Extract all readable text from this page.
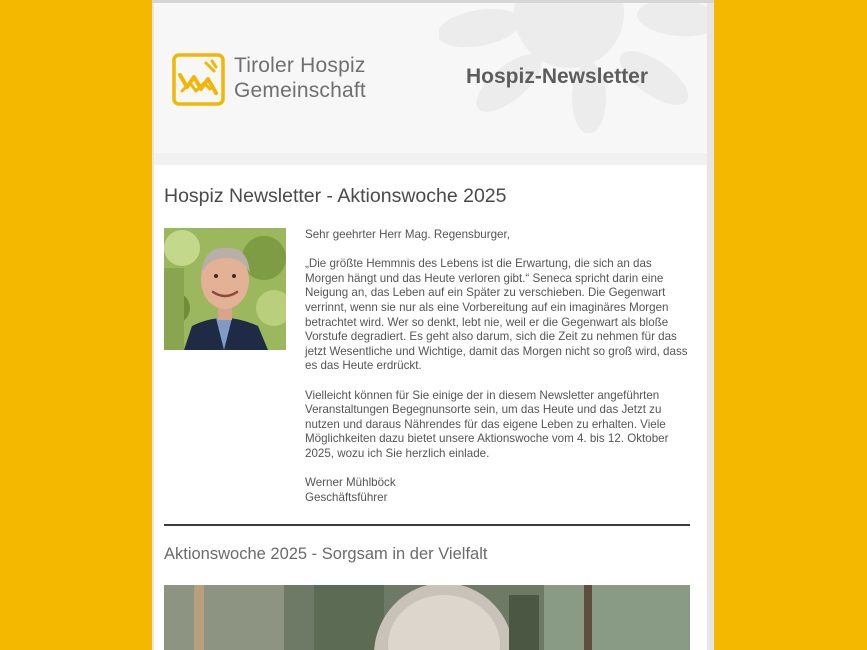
Tiroler Hospiz
Gemeinschaft
Hospiz-Newsletter
Hospiz Newsletter - Aktionswoche 2025

Sehr geehrter Herr Mag. Regensburger,

„Die größte Hemmnis des Lebens ist die Erwartung, die sich an das Morgen hängt und das Heute verloren gibt.“ Seneca spricht darin eine Neigung an, das Leben auf ein Später zu verschieben. Die Gegenwart verrinnt, wenn sie nur als eine Vorbereitung auf ein imaginäres Morgen betrachtet wird. Wer so denkt, lebt nie, weil er die Gegenwart als bloße Vorstufe degradiert. Es geht also darum, sich die Zeit zu nehmen für das jetzt Wesentliche und Wichtige, damit das Morgen nicht so groß wird, dass es das Heute erdrückt.

Vielleicht können für Sie einige der in diesem Newsletter angeführten Veranstaltungen Begegnunsorte sein, um das Heute und das Jetzt zu nutzen und daraus Nährendes für das eigene Leben zu erhalten. Viele Möglichkeiten dazu bietet unsere Aktionswoche vom 4. bis 12. Oktober 2025, wozu ich Sie herzlich einlade.

Werner Mühlböck
Geschäftsführer

Aktionswoche 2025 - Sorgsam in der Vielfalt
